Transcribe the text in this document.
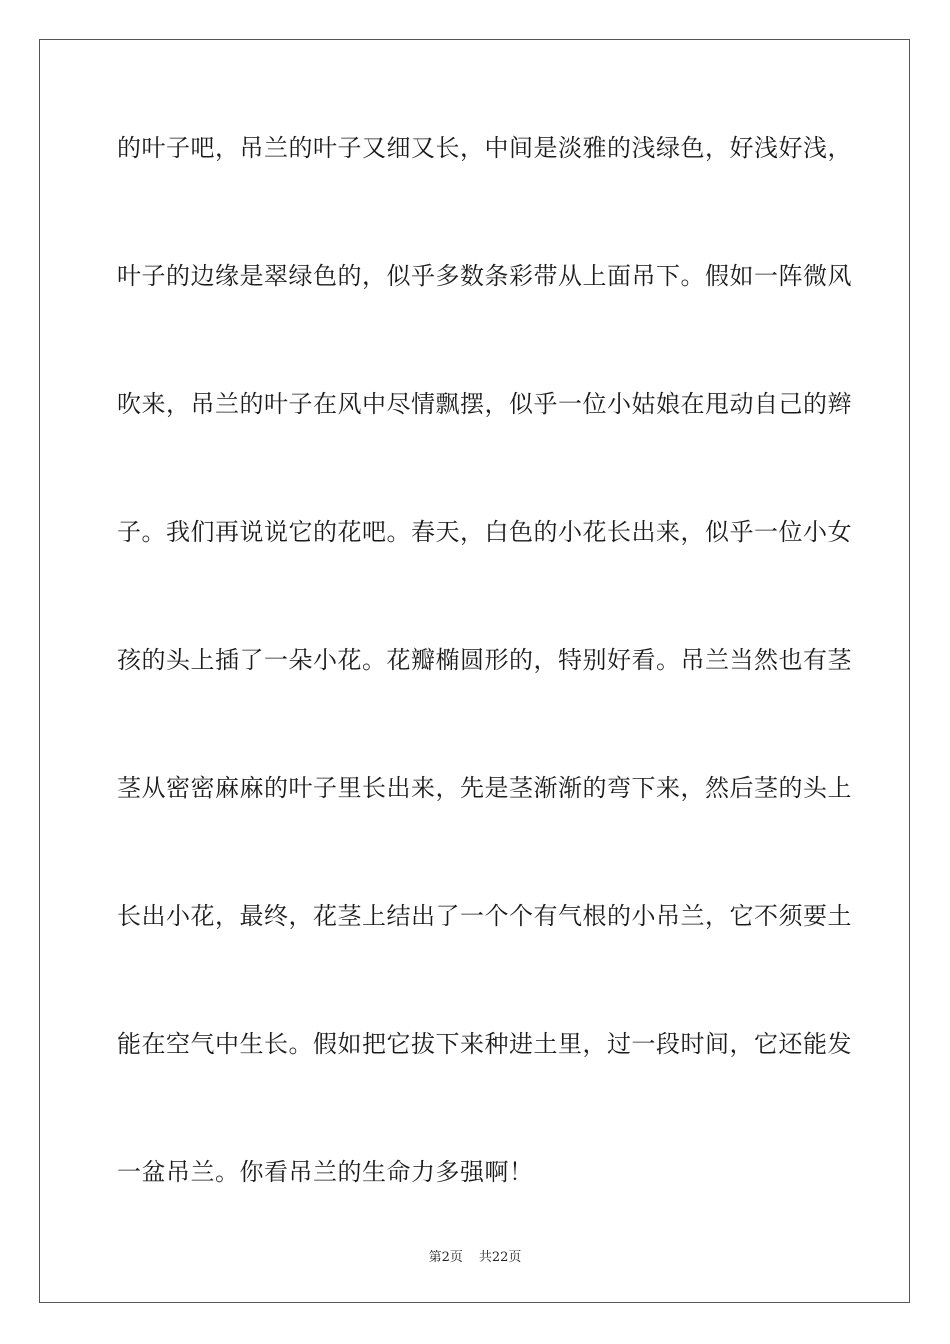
的叶子吧，吊兰的叶子又细又长，中间是淡雅的浅绿色，好浅好浅，
叶子的边缘是翠绿色的，似乎多数条彩带从上面吊下。假如一阵微风
吹来，吊兰的叶子在风中尽情飘摆，似乎一位小姑娘在甩动自己的辫
子。我们再说说它的花吧。春天，白色的小花长出来，似乎一位小女
孩的头上插了一朵小花。花瓣椭圆形的，特别好看。吊兰当然也有茎
茎从密密麻麻的叶子里长出来，先是茎渐渐的弯下来，然后茎的头上
长出小花，最终，花茎上结出了一个个有气根的小吊兰，它不须要土
能在空气中生长。假如把它拔下来种进土里，过一段时间，它还能发
一盆吊兰。你看吊兰的生命力多强啊！
第2页 共22页
